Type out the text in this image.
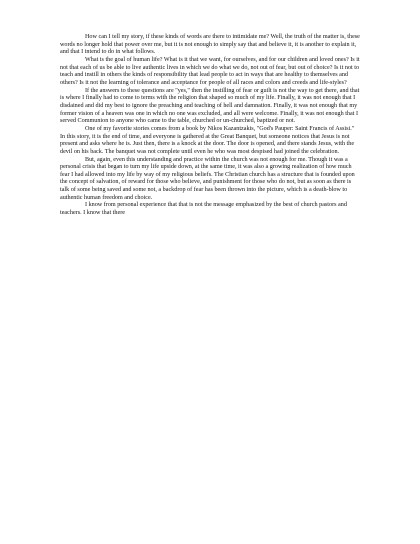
How can I tell my story, if these kinds of words are there to intimidate me? Well, the truth of the matter is, these words no longer hold that power over me, but it is not enough to simply say that and believe it, it is another to explain it, and that I intend to do in what follows.

What is the goal of human life? What is it that we want, for ourselves, and for our children and loved ones? Is it not that each of us be able to live authentic lives in which we do what we do, not out of fear, but out of choice? Is it not to teach and instill in others the kinds of responsibility that lead people to act in ways that are healthy to themselves and others? Is it not the learning of tolerance and acceptance for people of all races and colors and creeds and life-styles?

If the answers to these questions are "yes," then the instilling of fear or guilt is not the way to get there, and that is where I finally had to come to terms with the religion that shaped so much of my life. Finally, it was not enough that I disdained and did my best to ignore the preaching and teaching of hell and damnation. Finally, it was not enough that my former vision of a heaven was one in which no one was excluded, and all were welcome. Finally, it was not enough that I served Communion to anyone who came to the table, churched or un-churched, baptized or not.

One of my favorite stories comes from a book by Nikos Kazantzakis, "God's Pauper: Saint Francis of Assisi." In this story, it is the end of time, and everyone is gathered at the Great Banquet, but someone notices that Jesus is not present and asks where he is. Just then, there is a knock at the door. The door is opened, and there stands Jesus, with the devil on his back. The banquet was not complete until even he who was most despised had joined the celebration.

But, again, even this understanding and practice within the church was not enough for me. Though it was a personal crisis that began to turn my life upside down, at the same time, it was also a growing realization of how much fear I had allowed into my life by way of my religious beliefs. The Christian church has a structure that is founded upon the concept of salvation, of reward for those who believe, and punishment for those who do not, but as soon as there is talk of some being saved and some not, a backdrop of fear has been thrown into the picture, which is a death-blow to authentic human freedom and choice.

I know from personal experience that that is not the message emphasized by the best of church pastors and teachers. I know that there
